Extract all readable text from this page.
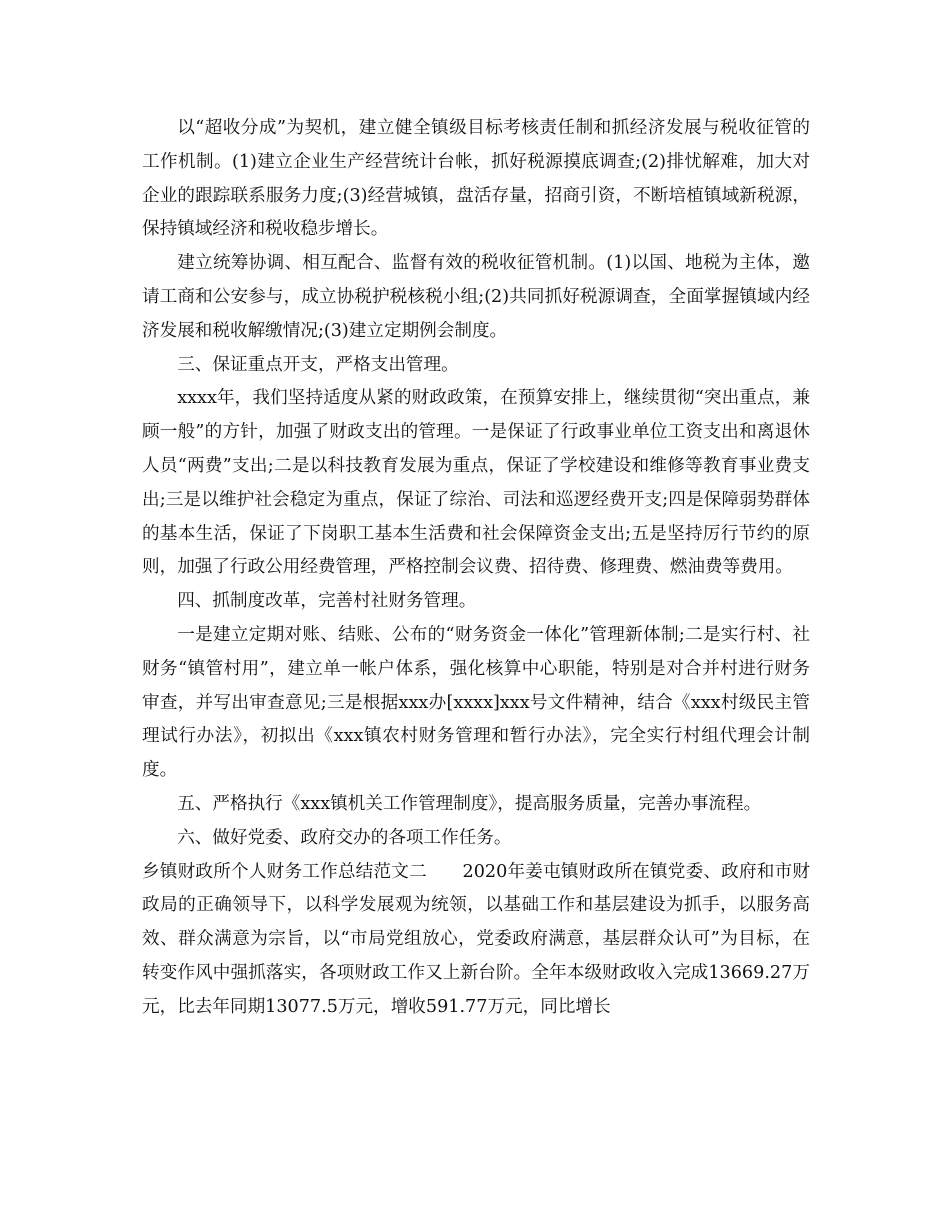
以“超收分成”为契机，建立健全镇级目标考核责任制和抓经济发展与税收征管的工作机制。(1)建立企业生产经营统计台帐，抓好税源摸底调查;(2)排忧解难，加大对企业的跟踪联系服务力度;(3)经营城镇，盘活存量，招商引资，不断培植镇域新税源，保持镇域经济和税收稳步增长。

建立统筹协调、相互配合、监督有效的税收征管机制。(1)以国、地税为主体，邀请工商和公安参与，成立协税护税核税小组;(2)共同抓好税源调查，全面掌握镇域内经济发展和税收解缴情况;(3)建立定期例会制度。

三、保证重点开支，严格支出管理。

xxxx年，我们坚持适度从紧的财政政策，在预算安排上，继续贯彻“突出重点，兼顾一般”的方针，加强了财政支出的管理。一是保证了行政事业单位工资支出和离退休人员“两费”支出;二是以科技教育发展为重点，保证了学校建设和维修等教育事业费支出;三是以维护社会稳定为重点，保证了综治、司法和巡逻经费开支;四是保障弱势群体的基本生活，保证了下岗职工基本生活费和社会保障资金支出;五是坚持厉行节约的原则，加强了行政公用经费管理，严格控制会议费、招待费、修理费、燃油费等费用。

四、抓制度改革，完善村社财务管理。

一是建立定期对账、结账、公布的“财务资金一体化”管理新体制;二是实行村、社财务“镇管村用”，建立单一帐户体系，强化核算中心职能，特别是对合并村进行财务审查，并写出审查意见;三是根据xxx办[xxxx]xxx号文件精神，结合《xxx村级民主管理试行办法》，初拟出《xxx镇农村财务管理和暂行办法》，完全实行村组代理会计制度。

五、严格执行《xxx镇机关工作管理制度》，提高服务质量，完善办事流程。

六、做好党委、政府交办的各项工作任务。

乡镇财政所个人财务工作总结范文二　　2020年姜屯镇财政所在镇党委、政府和市财政局的正确领导下，以科学发展观为统领，以基础工作和基层建设为抓手，以服务高效、群众满意为宗旨，以“市局党组放心，党委政府满意，基层群众认可”为目标，在转变作风中强抓落实，各项财政工作又上新台阶。全年本级财政收入完成13669.27万元，比去年同期13077.5万元，增收591.77万元，同比增长
